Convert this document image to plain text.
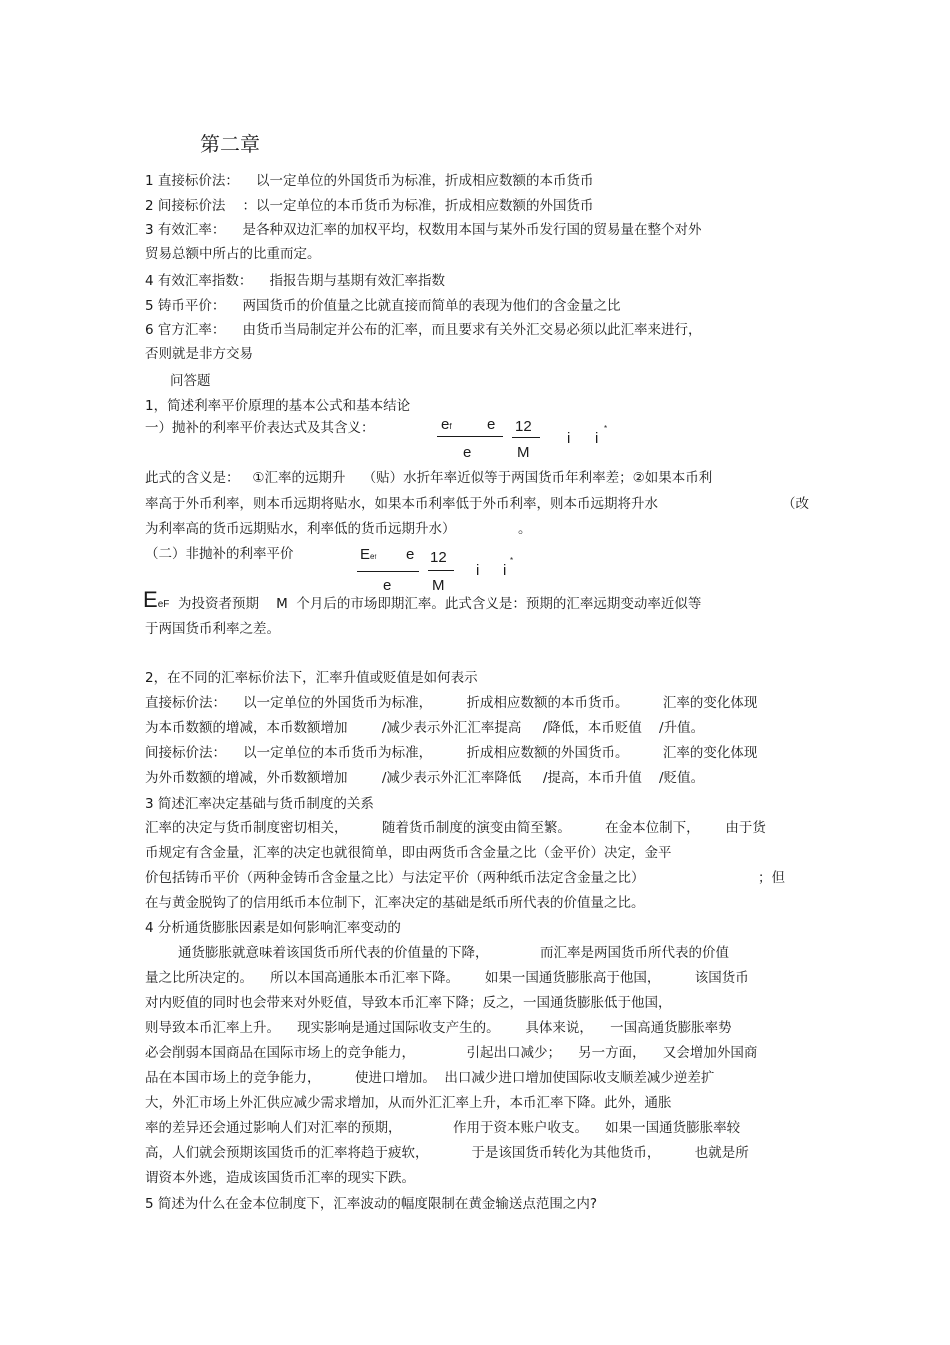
第二章
1 直接标价法：    以一定单位的外国货币为标准，折成相应数额的本币货币
2 间接标价法    ：以一定单位的本币货币为标准，折成相应数额的外国货币
3 有效汇率：    是各种双边汇率的加权平均，权数用本国与某外币发行国的贸易量在整个对外
贸易总额中所占的比重而定。
4 有效汇率指数：    指报告期与基期有效汇率指数
5 铸币平价：    两国货币的价值量之比就直接而简单的表现为他们的含金量之比
6 官方汇率：    由货币当局制定并公布的汇率，而且要求有关外汇交易必须以此汇率来进行，
否则就是非方交易
问答题
1，简述利率平价原理的基本公式和基本结论
一）抛补的利率平价表达式及其含义：
此式的含义是：   ①汇率的远期升    （贴）水折年率近似等于两国货币年利率差；②如果本币利
率高于外币利率，则本币远期将贴水，如果本币利率低于外币利率，则本币远期将升水	（改
为利率高的货币远期贴水，利率低的货币远期升水）	。
（二）非抛补的利率平价
为投资者预期    M  个月后的市场即期汇率。此式含义是：预期的汇率远期变动率近似等
于两国货币利率之差。
2，在不同的汇率标价法下，汇率升值或贬值是如何表示
直接标价法：    以一定单位的外国货币为标准，        折成相应数额的本币货币。        汇率的变化体现
为本币数额的增减，本币数额增加        /减少表示外汇汇率提高     /降低，本币贬值    /升值。
间接标价法：    以一定单位的本币货币为标准，        折成相应数额的外国货币。        汇率的变化体现
为外币数额的增减，外币数额增加        /减少表示外汇汇率降低     /提高，本币升值    /贬值。
3 简述汇率决定基础与货币制度的关系
汇率的决定与货币制度密切相关，        随着货币制度的演变由简至繁。        在金本位制下，      由于货
币规定有含金量，汇率的决定也就很简单，即由两货币含金量之比（金平价）决定，金平
价包括铸币平价（两种金铸币含金量之比）与法定平价（两种纸币法定含金量之比）	；但
在与黄金脱钩了的信用纸币本位制下，汇率决定的基础是纸币所代表的价值量之比。
4 分析通货膨胀因素是如何影响汇率变动的
通货膨胀就意味着该国货币所代表的价值量的下降，            而汇率是两国货币所代表的价值
量之比所决定的。    所以本国高通胀本币汇率下降。      如果一国通货膨胀高于他国，        该国货币
对内贬值的同时也会带来对外贬值，导致本币汇率下降；反之，一国通货膨胀低于他国，
则导致本币汇率上升。    现实影响是通过国际收支产生的。      具体来说，    一国高通货膨胀率势
必会削弱本国商品在国际市场上的竞争能力，            引起出口减少；    另一方面，    又会增加外国商
品在本国市场上的竞争能力，        使进口增加。  出口减少进口增加使国际收支顺差减少逆差扩
大，外汇市场上外汇供应减少需求增加，从而外汇汇率上升，本币汇率下降。此外，通胀
率的差异还会通过影响人们对汇率的预期，            作用于资本账户收支。    如果一国通货膨胀率较
高，人们就会预期该国货币的汇率将趋于疲软，          于是该国货币转化为其他货币，        也就是所
谓资本外逃，造成该国货币汇率的现实下跌。
5 简述为什么在金本位制度下，汇率波动的幅度限制在黄金输送点范围之内?
ef e
e
12
M
i i
*
Eef e
e
12
M
i i
*
EeF
